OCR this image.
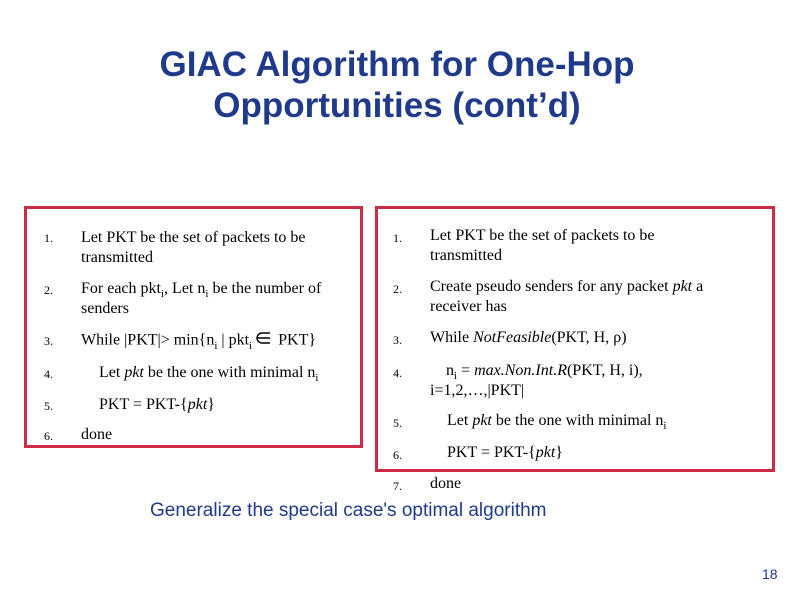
GIAC Algorithm for One-Hop
Opportunities (cont’d)
1. Let PKT be the set of packets to be
transmitted
2. For each pkt$_i$, Let $n_i$ be the number of
senders
3. While $|PKT|> \min\{n_i$ | pkt$_i$ PKT}
4.	Let pkt be the one with minimal $n_i$
5.	PKT = PKT-{pkt}
6. done
1. Let PKT be the set of packets to be
transmitted
2. Create pseudo senders for any packet pkt a
receiver has
3. While NotFeasible(PKT, H, ρ)
4.	$n_i = \max.Non.Int.R(PKT$, H, i),
i=1,2,…,|PKT|
5.	Let pkt be the one with minimal $n_i$
6.	PKT = PKT-{pkt}
7. done
Generalize the special case's optimal algorithm
18
